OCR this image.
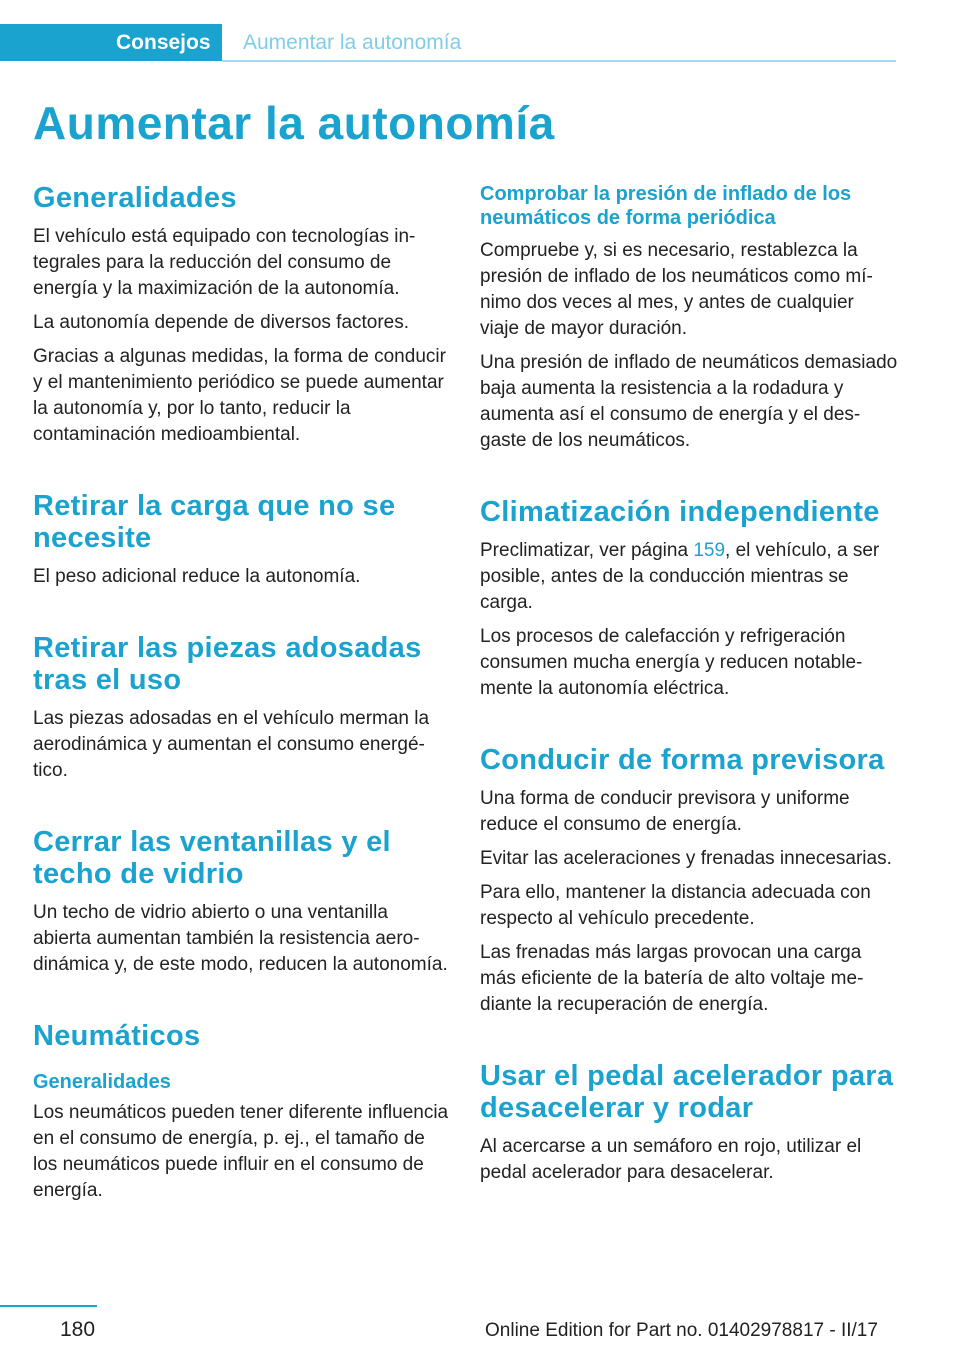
Consejos	Aumentar la autonomía
Aumentar la autonomía
Generalidades

El vehículo está equipado con tecnologías integrales para la reducción del consumo de energía y la maximización de la autonomía.

La autonomía depende de diversos factores.

Gracias a algunas medidas, la forma de conducir y el mantenimiento periódico se puede aumentar la autonomía y, por lo tanto, reducir la contaminación medioambiental.

Retirar la carga que no se necesite

El peso adicional reduce la autonomía.

Retirar las piezas adosadas tras el uso

Las piezas adosadas en el vehículo merman la aerodinámica y aumentan el consumo energético.

Cerrar las ventanillas y el techo de vidrio

Un techo de vidrio abierto o una ventanilla abierta aumentan también la resistencia aerodinámica y, de este modo, reducen la autonomía.

Neumáticos
Generalidades

Los neumáticos pueden tener diferente influencia en el consumo de energía, p. ej., el tamaño de los neumáticos puede influir en el consumo de energía.

Comprobar la presión de inflado de los neumáticos de forma periódica

Compruebe y, si es necesario, restablezca la presión de inflado de los neumáticos como mínimo dos veces al mes, y antes de cualquier viaje de mayor duración.

Una presión de inflado de neumáticos demasiado baja aumenta la resistencia a la rodadura y aumenta así el consumo de energía y el desgaste de los neumáticos.

Climatización independiente

Preclimatizar, ver página 159, el vehículo, a ser posible, antes de la conducción mientras se carga.

Los procesos de calefacción y refrigeración consumen mucha energía y reducen notablemente la autonomía eléctrica.

Conducir de forma previsora

Una forma de conducir previsora y uniforme reduce el consumo de energía.

Evitar las aceleraciones y frenadas innecesarias.

Para ello, mantener la distancia adecuada con respecto al vehículo precedente.

Las frenadas más largas provocan una carga más eficiente de la batería de alto voltaje mediante la recuperación de energía.

Usar el pedal acelerador para desacelerar y rodar

Al acercarse a un semáforo en rojo, utilizar el pedal acelerador para desacelerar.

180	Online Edition for Part no. 01402978817 - II/17
